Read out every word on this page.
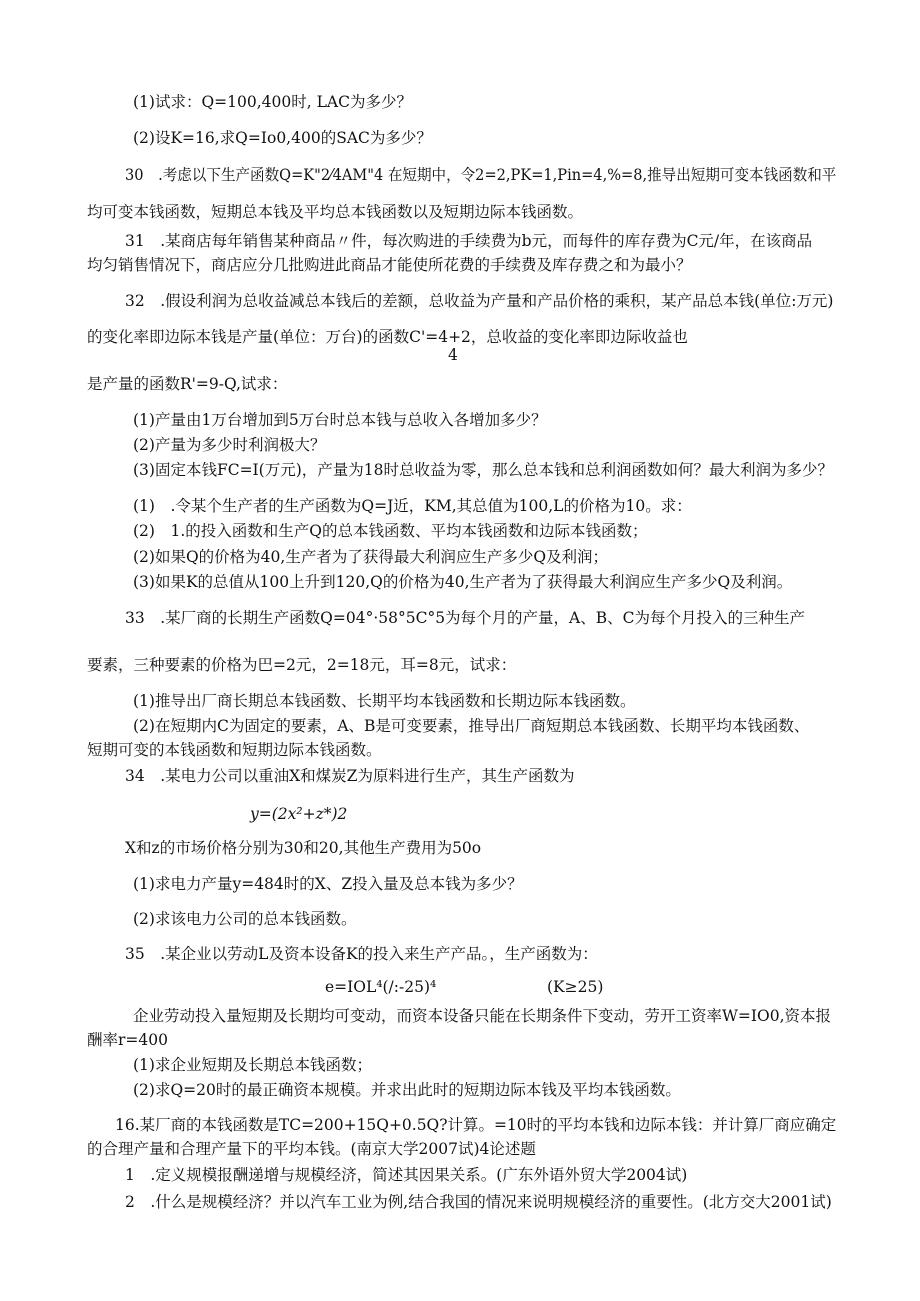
(1)试求：Q=100,400时, LAC为多少？
(2)设K=16,求Q=Io0,400的SAC为多少？
30　.考虑以下生产函数Q=K"2⁄4AM"4 在短期中，令2=2,PK=1,Pin=4,%=8,推导出短期可变本钱函数和平
均可变本钱函数，短期总本钱及平均总本钱函数以及短期边际本钱函数。
31　.某商店每年销售某种商品〃件，每次购进的手续费为b元，而每件的库存费为C元/年，在该商品
均匀销售情况下，商店应分几批购进此商品才能使所花费的手续费及库存费之和为最小？
32　.假设利润为总收益减总本钱后的差额，总收益为产量和产品价格的乘积，某产品总本钱(单位:万元)
的变化率即边际本钱是产量(单位：万台)的函数C'=4+2，总收益的变化率即边际收益也
4
是产量的函数R'=9-Q,试求：
(1)产量由1万台增加到5万台时总本钱与总收入各增加多少？
(2)产量为多少时利润极大？
(3)固定本钱FC=I(万元)，产量为18时总收益为零，那么总本钱和总利润函数如何？最大利润为多少？
(1)　.令某个生产者的生产函数为Q=J近，KM,其总值为100,L的价格为10。求：
(2)　1.的投入函数和生产Q的总本钱函数、平均本钱函数和边际本钱函数；
(2)如果Q的价格为40,生产者为了获得最大利润应生产多少Q及利润；
(3)如果K的总值从100上升到120,Q的价格为40,生产者为了获得最大利润应生产多少Q及利润。
33　.某厂商的长期生产函数Q=04°·58°5C°5为每个月的产量，A、B、C为每个月投入的三种生产
要素，三种要素的价格为巴=2元，2=18元，耳=8元，试求：
(1)推导出厂商长期总本钱函数、长期平均本钱函数和长期边际本钱函数。
(2)在短期内C为固定的要素，A、B是可变要素，推导出厂商短期总本钱函数、长期平均本钱函数、
短期可变的本钱函数和短期边际本钱函数。
34　.某电力公司以重油X和煤炭Z为原料进行生产，其生产函数为
y=(2x²+z*)2
X和z的市场价格分别为30和20,其他生产费用为50o
(1)求电力产量y=484时的X、Z投入量及总本钱为多少？
(2)求该电力公司的总本钱函数。
35　.某企业以劳动L及资本设备K的投入来生产产品。，生产函数为：
e=IOL⁴(/:-25)⁴	(K≥25)
企业劳动投入量短期及长期均可变动，而资本设备只能在长期条件下变动，劳开工资率W=IO0,资本报
酬率r=400
(1)求企业短期及长期总本钱函数；
(2)求Q=20时的最正确资本规模。并求出此时的短期边际本钱及平均本钱函数。
16.某厂商的本钱函数是TC=200+15Q+0.5Q?计算。=10时的平均本钱和边际本钱：并计算厂商应确定
的合理产量和合理产量下的平均本钱。(南京大学2007试)4论述题
1　.定义规模报酬递增与规模经济，简述其因果关系。(广东外语外贸大学2004试)
2　.什么是规模经济？并以汽车工业为例,结合我国的情况来说明规模经济的重要性。(北方交大2001试)
